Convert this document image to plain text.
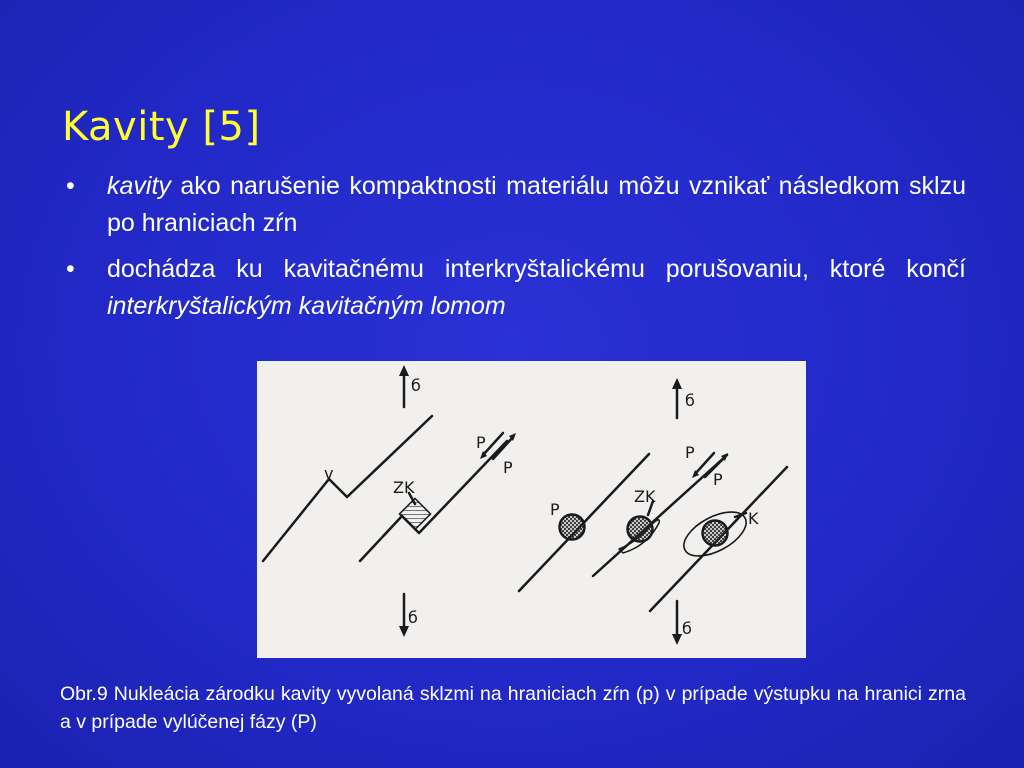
Kavity [5]
• kavity ako narušenie kompaktnosti materiálu môžu vznikať následkom sklzu po hraniciach zŕn
• dochádza ku kavitačnému interkryštalickému porušovaniu, ktoré končí interkryštalickým kavitačným lomom
б
б
б
б
v
ZK
P
P
P
ZK
P
P
K
Obr.9 Nukleácia zárodku kavity vyvolaná sklzmi na hraniciach zŕn (p) v prípade výstupku na hranici zrna a v prípade vylúčenej fázy (P)
